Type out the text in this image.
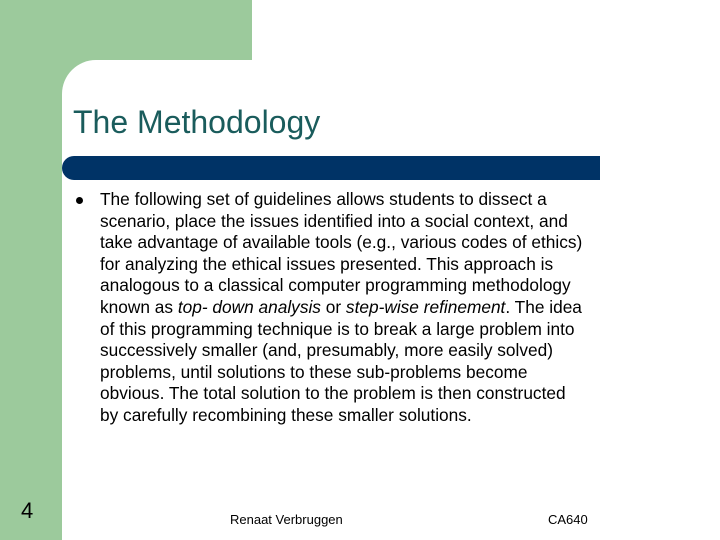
The Methodology

The following set of guidelines allows students to dissect a
scenario, place the issues identified into a social context, and
take advantage of available tools (e.g., various codes of ethics)
for analyzing the ethical issues presented. This approach is
analogous to a classical computer programming methodology
known as top- down analysis or step-wise refinement. The idea
of this programming technique is to break a large problem into
successively smaller (and, presumably, more easily solved)
problems, until solutions to these sub-problems become
obvious. The total solution to the problem is then constructed
by carefully recombining these smaller solutions.

4	Renaat Verbruggen	CA640
